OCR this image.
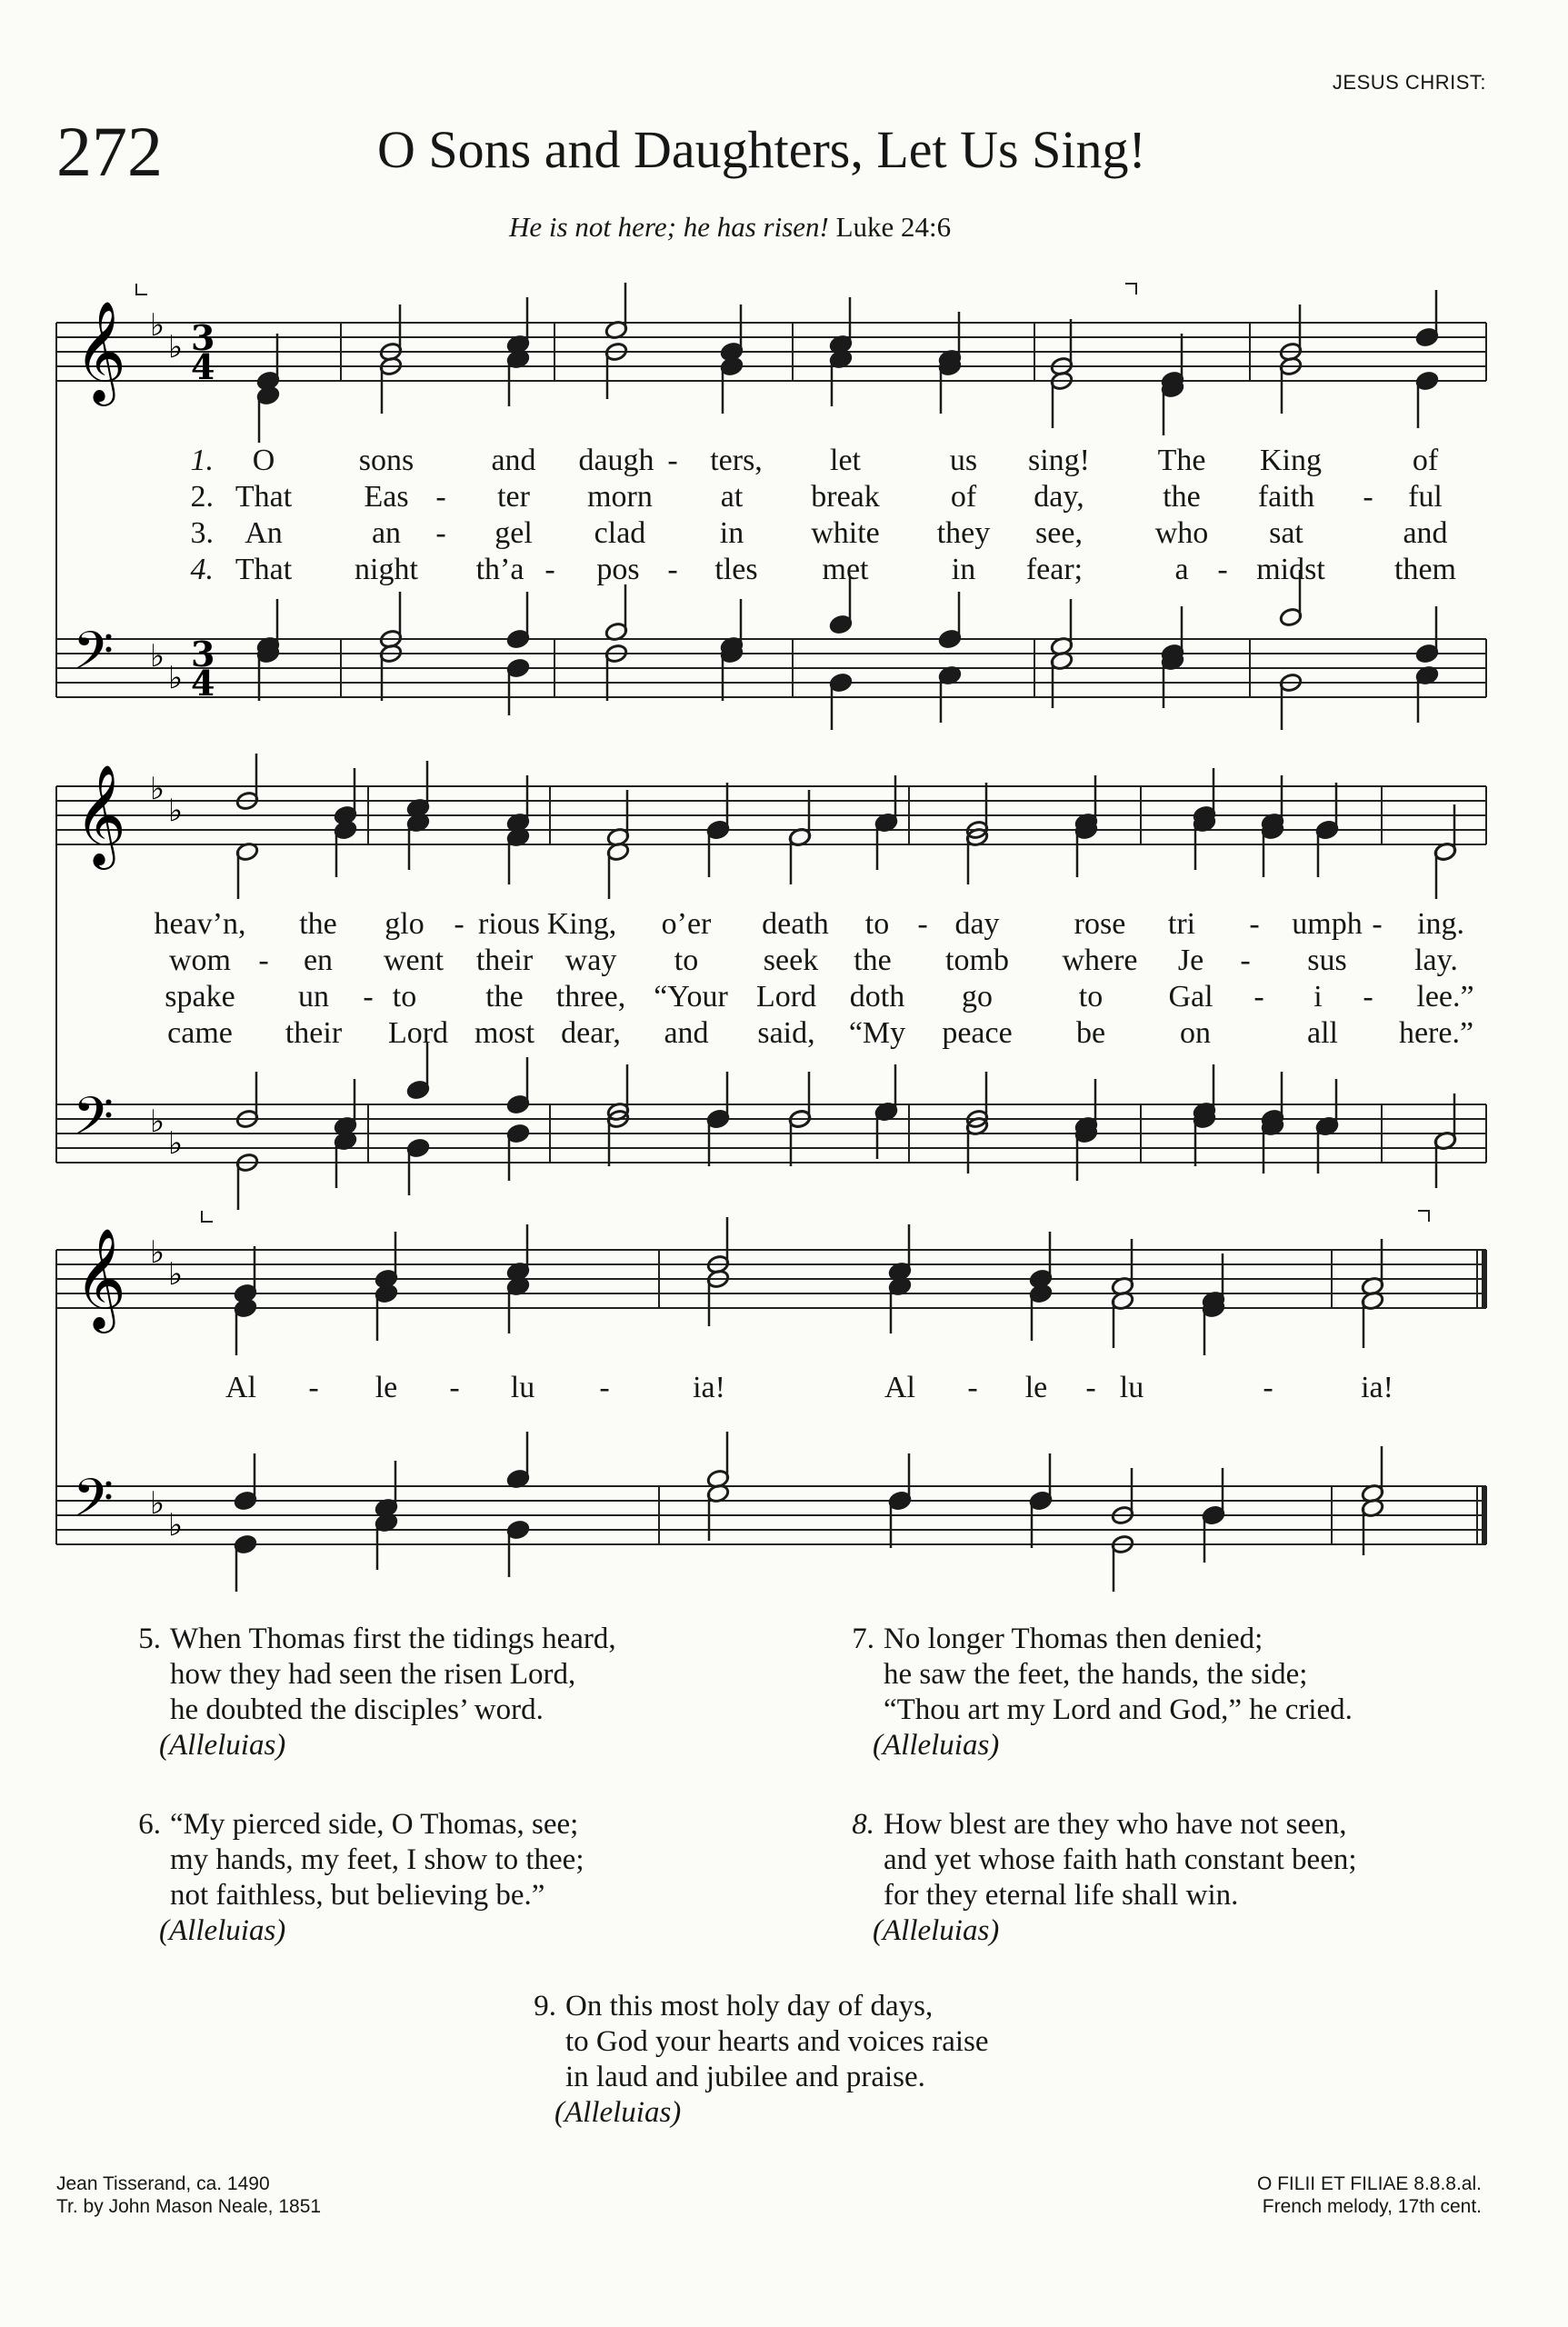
JESUS CHRIST:
272	O Sons and Daughters, Let Us Sing!
He is not here; he has risen! Luke 24:6
𝄞
𝄢
♭
♭
♭
♭
3
4
3
4
𝄞
𝄢
♭
♭
♭
♭
𝄞
𝄢
♭
♭
♭
♭
1.
2.
3.
4.
O	sons	and daugh - ters, let	us sing! The King	of
That Eas - ter morn at break of day,	the faith - ful
An	an - gel clad in white they see, who sat	and
That night th’a - pos - tles met	in fear;	a - midst them
heav’n, the glo - rious King, o’er death to - day rose tri - umph - ing.
wom - en went their way to seek the tomb where Je - sus lay.
spake un - to the three, “Your Lord doth go	to Gal - i - lee.”
came their Lord most dear, and said, “My peace be on	all here.”
Al - le - lu -	ia!	Al - le - lu	-	ia!
5. When Thomas first the tidings heard,
how they had seen the risen Lord,
he doubted the disciples’ word.
(Alleluias)
6. “My pierced side, O Thomas, see;
my hands, my feet, I show to thee;
not faithless, but believing be.”
(Alleluias)
7. No longer Thomas then denied;
he saw the feet, the hands, the side;
“Thou art my Lord and God,” he cried.
(Alleluias)
8. How blest are they who have not seen,
and yet whose faith hath constant been;
for they eternal life shall win.
(Alleluias)
9. On this most holy day of days,
to God your hearts and voices raise
in laud and jubilee and praise.
(Alleluias)
Jean Tisserand, ca. 1490
Tr. by John Mason Neale, 1851
O FILII ET FILIAE 8.8.8.al.
French melody, 17th cent.
